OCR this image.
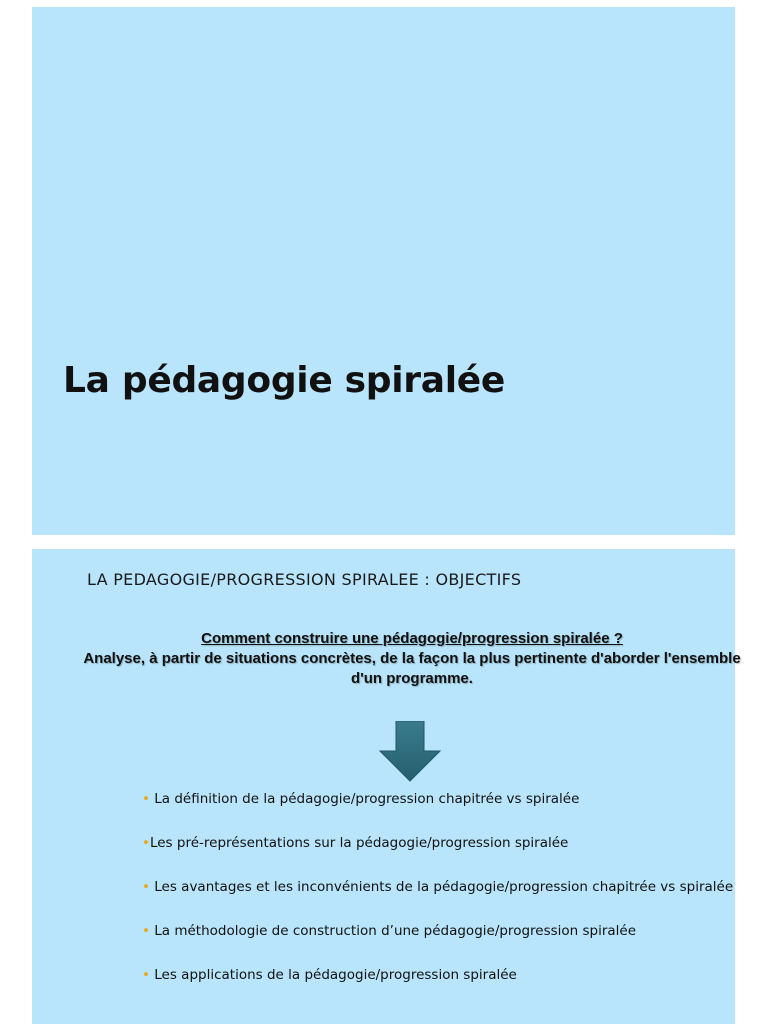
La pédagogie spiralée
LA PEDAGOGIE/PROGRESSION SPIRALEE : OBJECTIFS
Comment construire une pédagogie/progression spiralée ?
Analyse, à partir de situations concrètes, de la façon la plus pertinente d'aborder l'ensemble d'un programme.
• La définition de la pédagogie/progression chapitrée vs spiralée
•Les pré-représentations sur la pédagogie/progression spiralée
• Les avantages et les inconvénients de la pédagogie/progression chapitrée vs spiralée
• La méthodologie de construction d’une pédagogie/progression spiralée
• Les applications de la pédagogie/progression spiralée
